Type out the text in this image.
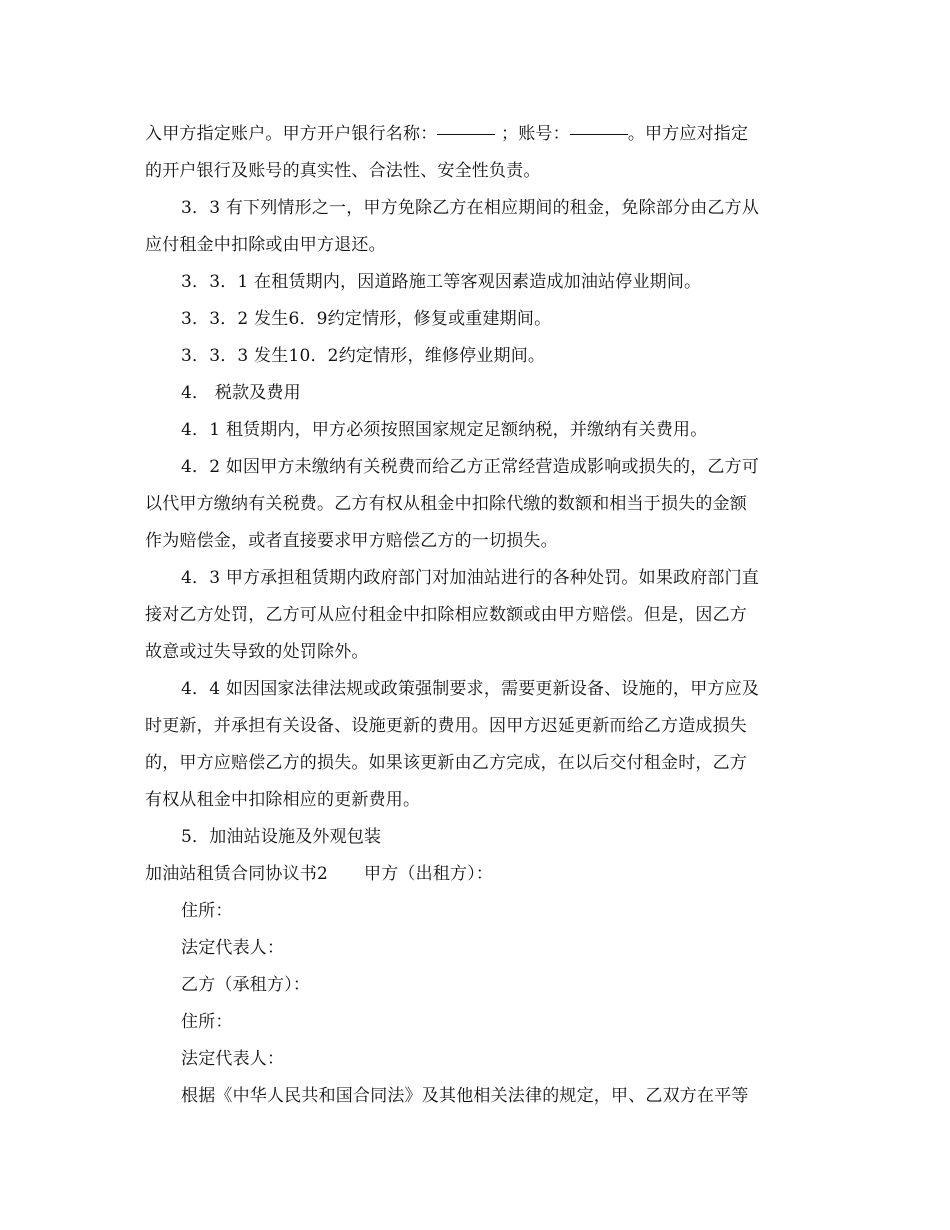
入甲方指定账户。甲方开户银行名称：	；账号：	。甲方应对指定
的开户银行及账号的真实性、合法性、安全性负责。
3．3 有下列情形之一，甲方免除乙方在相应期间的租金，免除部分由乙方从
应付租金中扣除或由甲方退还。
3．3．1 在租赁期内，因道路施工等客观因素造成加油站停业期间。
3．3．2 发生6．9约定情形，修复或重建期间。
3．3．3 发生10．2约定情形，维修停业期间。
4． 税款及费用
4．1 租赁期内，甲方必须按照国家规定足额纳税，并缴纳有关费用。
4．2 如因甲方未缴纳有关税费而给乙方正常经营造成影响或损失的，乙方可
以代甲方缴纳有关税费。乙方有权从租金中扣除代缴的数额和相当于损失的金额
作为赔偿金，或者直接要求甲方赔偿乙方的一切损失。
4．3 甲方承担租赁期内政府部门对加油站进行的各种处罚。如果政府部门直
接对乙方处罚，乙方可从应付租金中扣除相应数额或由甲方赔偿。但是，因乙方
故意或过失导致的处罚除外。
4．4 如因国家法律法规或政策强制要求，需要更新设备、设施的，甲方应及
时更新，并承担有关设备、设施更新的费用。因甲方迟延更新而给乙方造成损失
的，甲方应赔偿乙方的损失。如果该更新由乙方完成，在以后交付租金时，乙方
有权从租金中扣除相应的更新费用。
5．加油站设施及外观包装
加油站租赁合同协议书2 甲方（出租方）：
住所：
法定代表人：
乙方（承租方）：
住所：
法定代表人：
根据《中华人民共和国合同法》及其他相关法律的规定，甲、乙双方在平等
